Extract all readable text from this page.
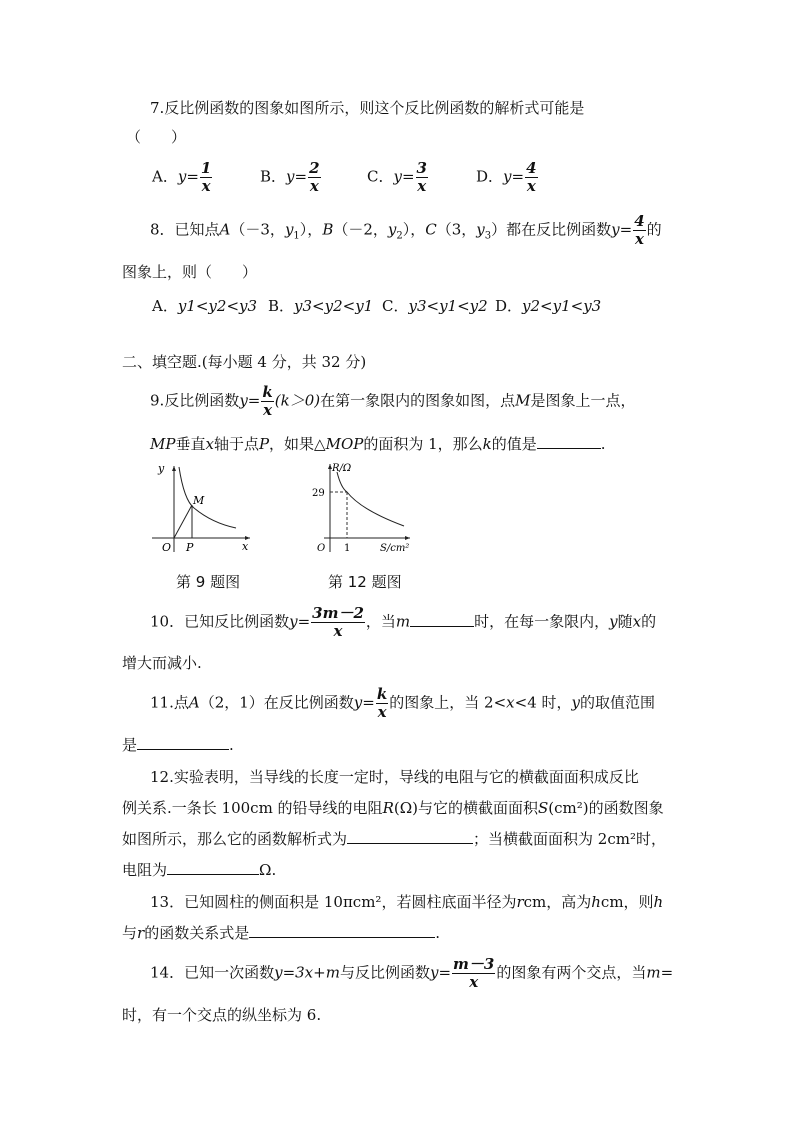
7.反比例函数的图象如图所示，则这个反比例函数的解析式可能是
（　　）
A．$y= \frac{1}{x}$	B．$y= \frac{2}{x}$	C．$y= \frac{3}{x}$	D．$y= \frac{4}{x}$
8．已知点A（－3，$y_1$），B（－2，$y_2$），C（3，$y_3$）都在反比例函数$y= \frac{4}{x}$ 的
图象上，则（　　）
A．y1<y2<y3 B．y3<y2<y1 C．y3<y1<y2 D．y2<y1<y3
二、填空题.(每小题 4 分，共 32 分)
9.反比例函数$y= \frac{k}{x} (k>0)$在第一象限内的图象如图，点M是图象上一点，
MP垂直x轴于点P，如果△MOP的面积为 1，那么k的值是	.
y
x
O
M
P
第 9 题图
R/Ω
S/cm²
O
29
1
第 12 题图
10．已知反比例函数$y= \frac{3m-2}{x}$ ，当m	时，在每一象限内，y随x的
增大而减小.
11.点A（2，1）在反比例函数$y= \frac{k}{x}$ 的图象上，当 2<x<4 时，y的取值范围
是	.
12.实验表明，当导线的长度一定时，导线的电阻与它的横截面面积成反比
例关系.一条长 100cm 的铅导线的电阻R(Ω)与它的横截面面积S(cm²)的函数图象
如图所示，那么它的函数解析式为	；当横截面面积为 2cm²时，
电阻为	Ω.
13．已知圆柱的侧面积是 10πcm²，若圆柱底面半径为rcm，高为hcm，则h
与r的函数关系式是	.
14．已知一次函数y=3x+m与反比例函数$y= \frac{m-3}{x}$ 的图象有两个交点，当m=
时，有一个交点的纵坐标为 6.
